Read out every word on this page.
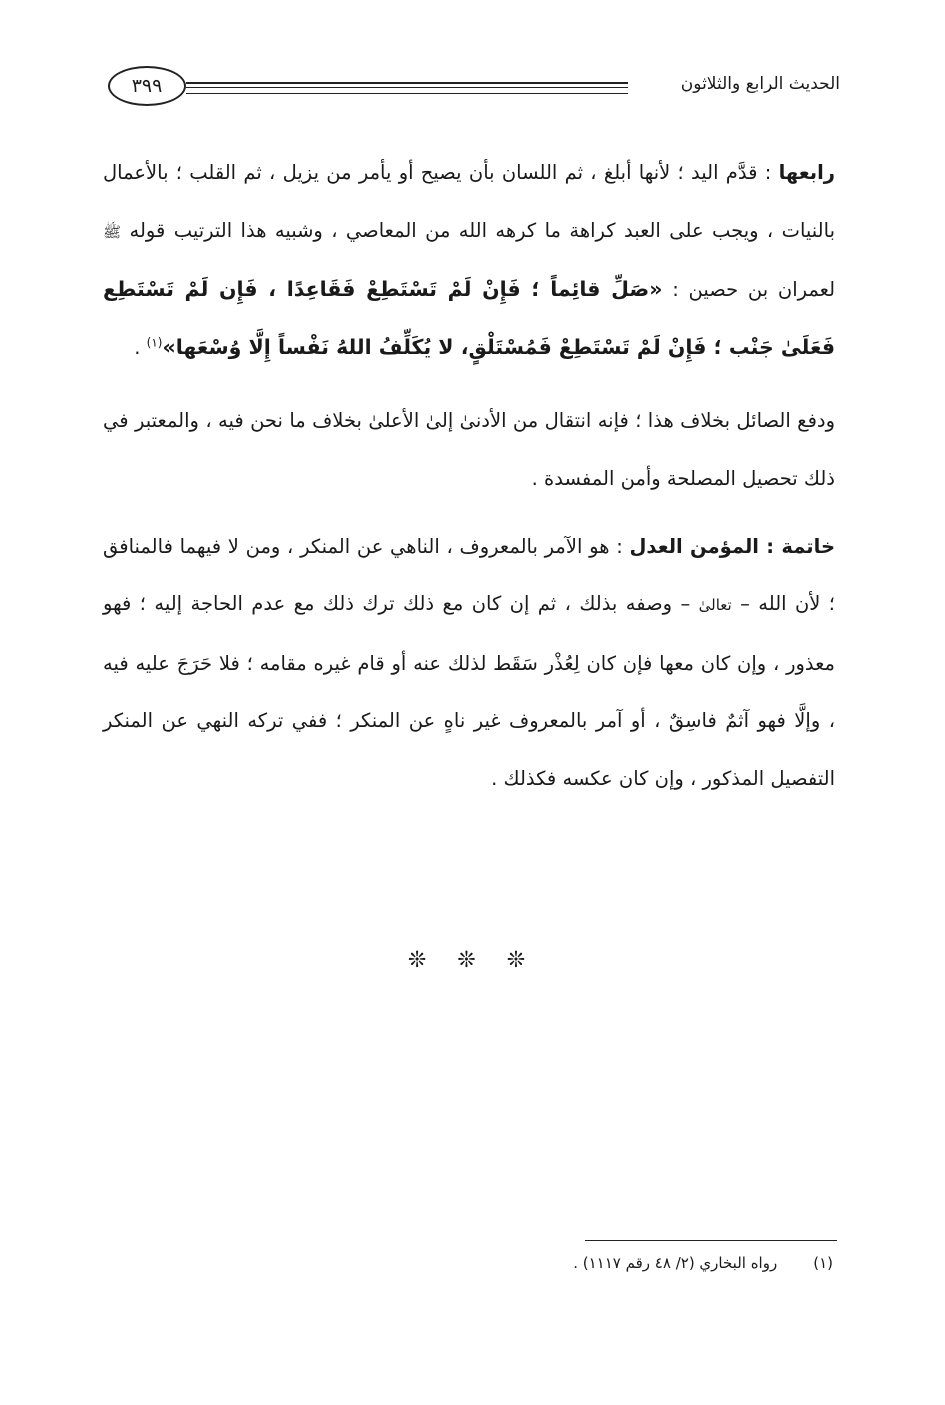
الحديث الرابع والثلاثون
٣٩٩

رابعها : قدَّم اليد ؛ لأنها أبلغ ، ثم اللسان بأن يصيح أو يأمر من يزيل ، ثم القلب ؛ بالأعمال بالنيات ، ويجب على العبد كراهة ما كرهه الله من المعاصي ، وشبيه هذا الترتيب قوله ﷺ لعمران بن حصين : «صَلِّ قائِماً ؛ فَإِنْ لَمْ تَسْتَطِعْ فَقَاعِدًا ، فَإِن لَمْ تَسْتَطِع فَعَلَىٰ جَنْب ؛ فَإِنْ لَمْ تَسْتَطِعْ فَمُسْتَلْقٍ، لا يُكَلِّفُ اللهُ نَفْساً إِلَّا وُسْعَها»$^{(١)}$ .

ودفع الصائل بخلاف هذا ؛ فإنه انتقال من الأدنىٰ إلىٰ الأعلىٰ بخلاف ما نحن فيه ، والمعتبر في ذلك تحصيل المصلحة وأمن المفسدة .

خاتمة : المؤمن العدل : هو الآمر بالمعروف ، الناهي عن المنكر ، ومن لا فيهما فالمنافق ؛ لأن الله – تعالىٰ – وصفه بذلك ، ثم إن كان مع ذلك ترك ذلك مع عدم الحاجة إليه ؛ فهو معذور ، وإن كان معها فإن كان لِعُذْر سَقَط لذلك عنه أو قام غيره مقامه ؛ فلا حَرَجَ عليه فيه ، وإلَّا فهو آثمٌ فاسِقٌ ، أو آمر بالمعروف غير ناهٍ عن المنكر ؛ ففي تركه النهي عن المنكر التفصيل المذكور ، وإن كان عكسه فكذلك .

❊ ❊ ❊
(١)رواه البخاري (٢/ ٤٨ رقم ١١١٧) .
